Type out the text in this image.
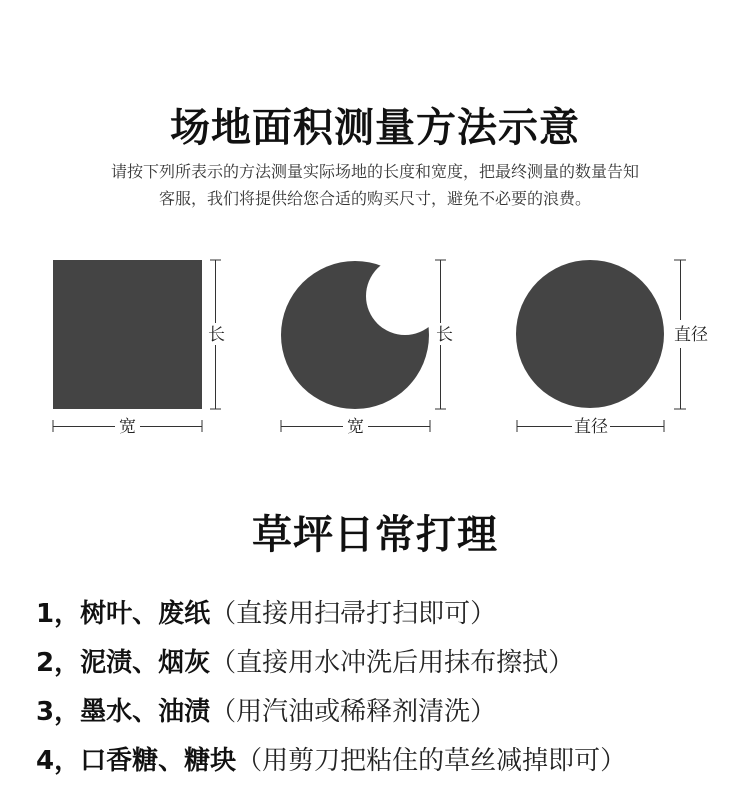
场地面积测量方法示意

请按下列所表示的方法测量实际场地的长度和宽度，把最终测量的数量告知
客服，我们将提供给您合适的购买尺寸，避免不必要的浪费。

长
宽
长
宽
直径
直径
草坪日常打理
1，树叶、废纸（直接用扫帚打扫即可）
2，泥渍、烟灰（直接用水冲洗后用抹布擦拭）
3，墨水、油渍（用汽油或稀释剂清洗）
4，口香糖、糖块（用剪刀把粘住的草丝减掉即可）
